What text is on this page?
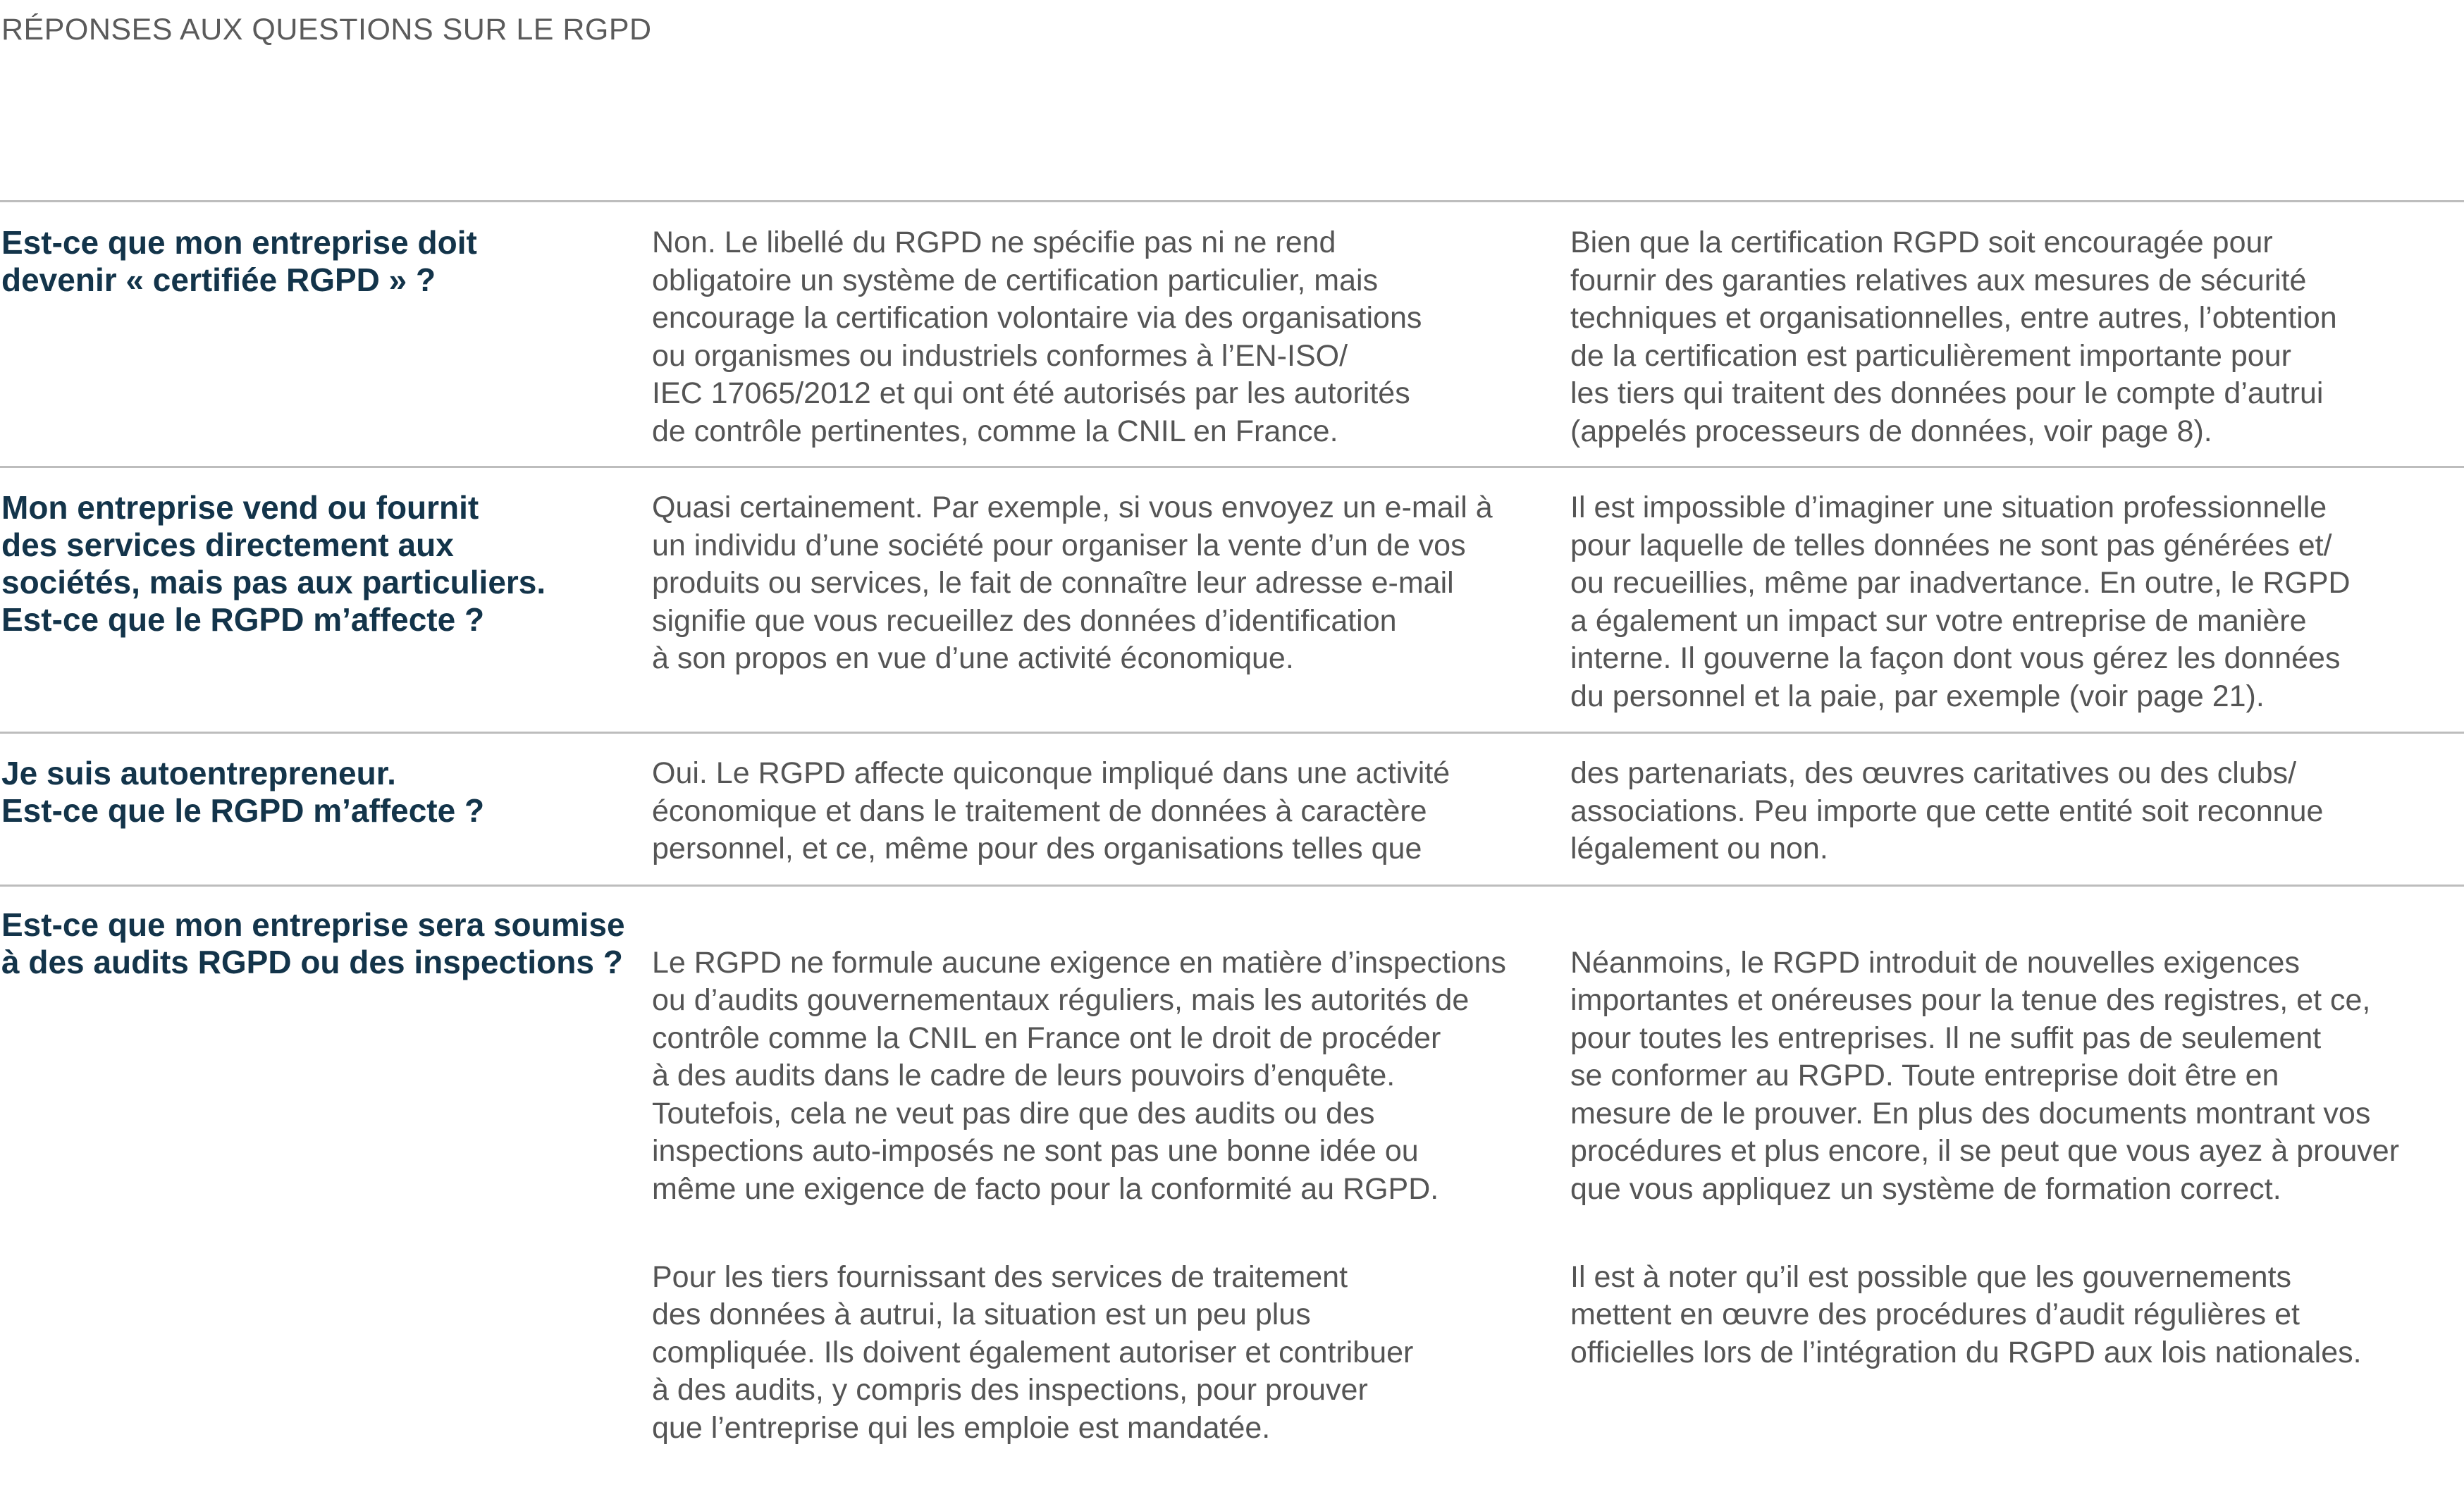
RÉPONSES AUX QUESTIONS SUR LE RGPD
Est-ce que mon entreprise doit
devenir « certifiée RGPD » ?
Non. Le libellé du RGPD ne spécifie pas ni ne rend
obligatoire un système de certification particulier, mais
encourage la certification volontaire via des organisations
ou organismes ou industriels conformes à l’EN-ISO/
IEC 17065/2012 et qui ont été autorisés par les autorités
de contrôle pertinentes, comme la CNIL en France.
Bien que la certification RGPD soit encouragée pour
fournir des garanties relatives aux mesures de sécurité
techniques et organisationnelles, entre autres, l’obtention
de la certification est particulièrement importante pour
les tiers qui traitent des données pour le compte d’autrui
(appelés processeurs de données, voir page 8).
Mon entreprise vend ou fournit
des services directement aux
sociétés, mais pas aux particuliers.
Est-ce que le RGPD m’affecte ?
Quasi certainement. Par exemple, si vous envoyez un e-mail à
un individu d’une société pour organiser la vente d’un de vos
produits ou services, le fait de connaître leur adresse e-mail
signifie que vous recueillez des données d’identification
à son propos en vue d’une activité économique.
Il est impossible d’imaginer une situation professionnelle
pour laquelle de telles données ne sont pas générées et/
ou recueillies, même par inadvertance. En outre, le RGPD
a également un impact sur votre entreprise de manière
interne. Il gouverne la façon dont vous gérez les données
du personnel et la paie, par exemple (voir page 21).
Je suis autoentrepreneur.
Est-ce que le RGPD m’affecte ?
Oui. Le RGPD affecte quiconque impliqué dans une activité
économique et dans le traitement de données à caractère
personnel, et ce, même pour des organisations telles que
des partenariats, des œuvres caritatives ou des clubs/
associations. Peu importe que cette entité soit reconnue
légalement ou non.
Est-ce que mon entreprise sera soumise
à des audits RGPD ou des inspections ? Le RGPD ne formule aucune exigence en matière d’inspections
ou d’audits gouvernementaux réguliers, mais les autorités de
contrôle comme la CNIL en France ont le droit de procéder
à des audits dans le cadre de leurs pouvoirs d’enquête.
Toutefois, cela ne veut pas dire que des audits ou des
inspections auto-imposés ne sont pas une bonne idée ou
même une exigence de facto pour la conformité au RGPD.

Pour les tiers fournissant des services de traitement
des données à autrui, la situation est un peu plus
compliquée. Ils doivent également autoriser et contribuer
à des audits, y compris des inspections, pour prouver
que l’entreprise qui les emploie est mandatée.

Néanmoins, le RGPD introduit de nouvelles exigences
importantes et onéreuses pour la tenue des registres, et ce,
pour toutes les entreprises. Il ne suffit pas de seulement
se conformer au RGPD. Toute entreprise doit être en
mesure de le prouver. En plus des documents montrant vos
procédures et plus encore, il se peut que vous ayez à prouver
que vous appliquez un système de formation correct.

Il est à noter qu’il est possible que les gouvernements
mettent en œuvre des procédures d’audit régulières et
officielles lors de l’intégration du RGPD aux lois nationales.
